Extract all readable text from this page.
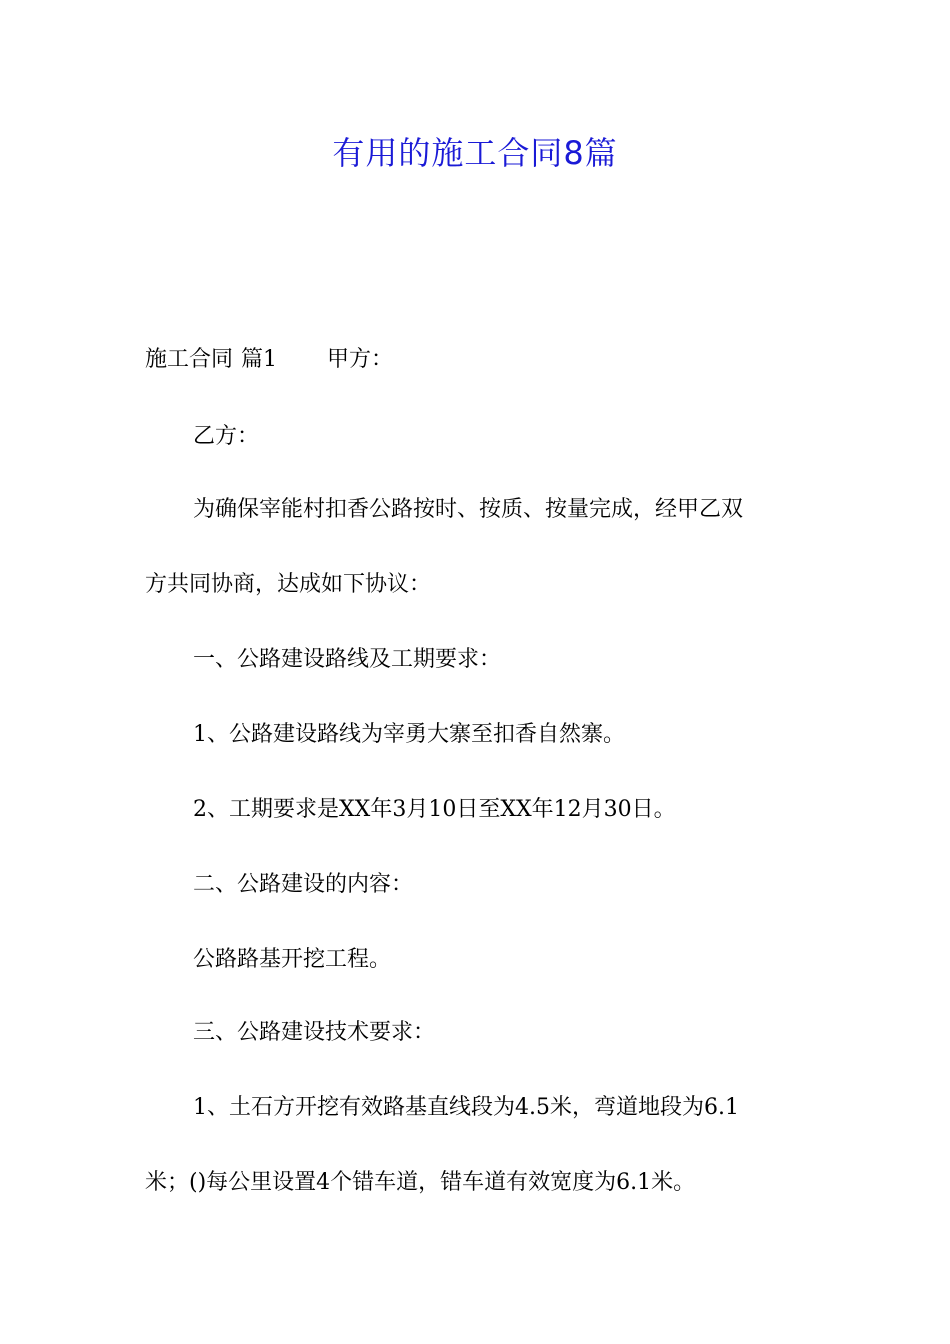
有用的施工合同8篇

施工合同 篇1 甲方：

乙方：

为确保宰能村扣香公路按时、按质、按量完成，经甲乙双

方共同协商，达成如下协议：

一、公路建设路线及工期要求：

1、公路建设路线为宰勇大寨至扣香自然寨。

2、工期要求是XX年3月10日至XX年12月30日。

二、公路建设的内容：

公路路基开挖工程。

三、公路建设技术要求：

1、土石方开挖有效路基直线段为4.5米，弯道地段为6.1

米；()每公里设置4个错车道，错车道有效宽度为6.1米。
